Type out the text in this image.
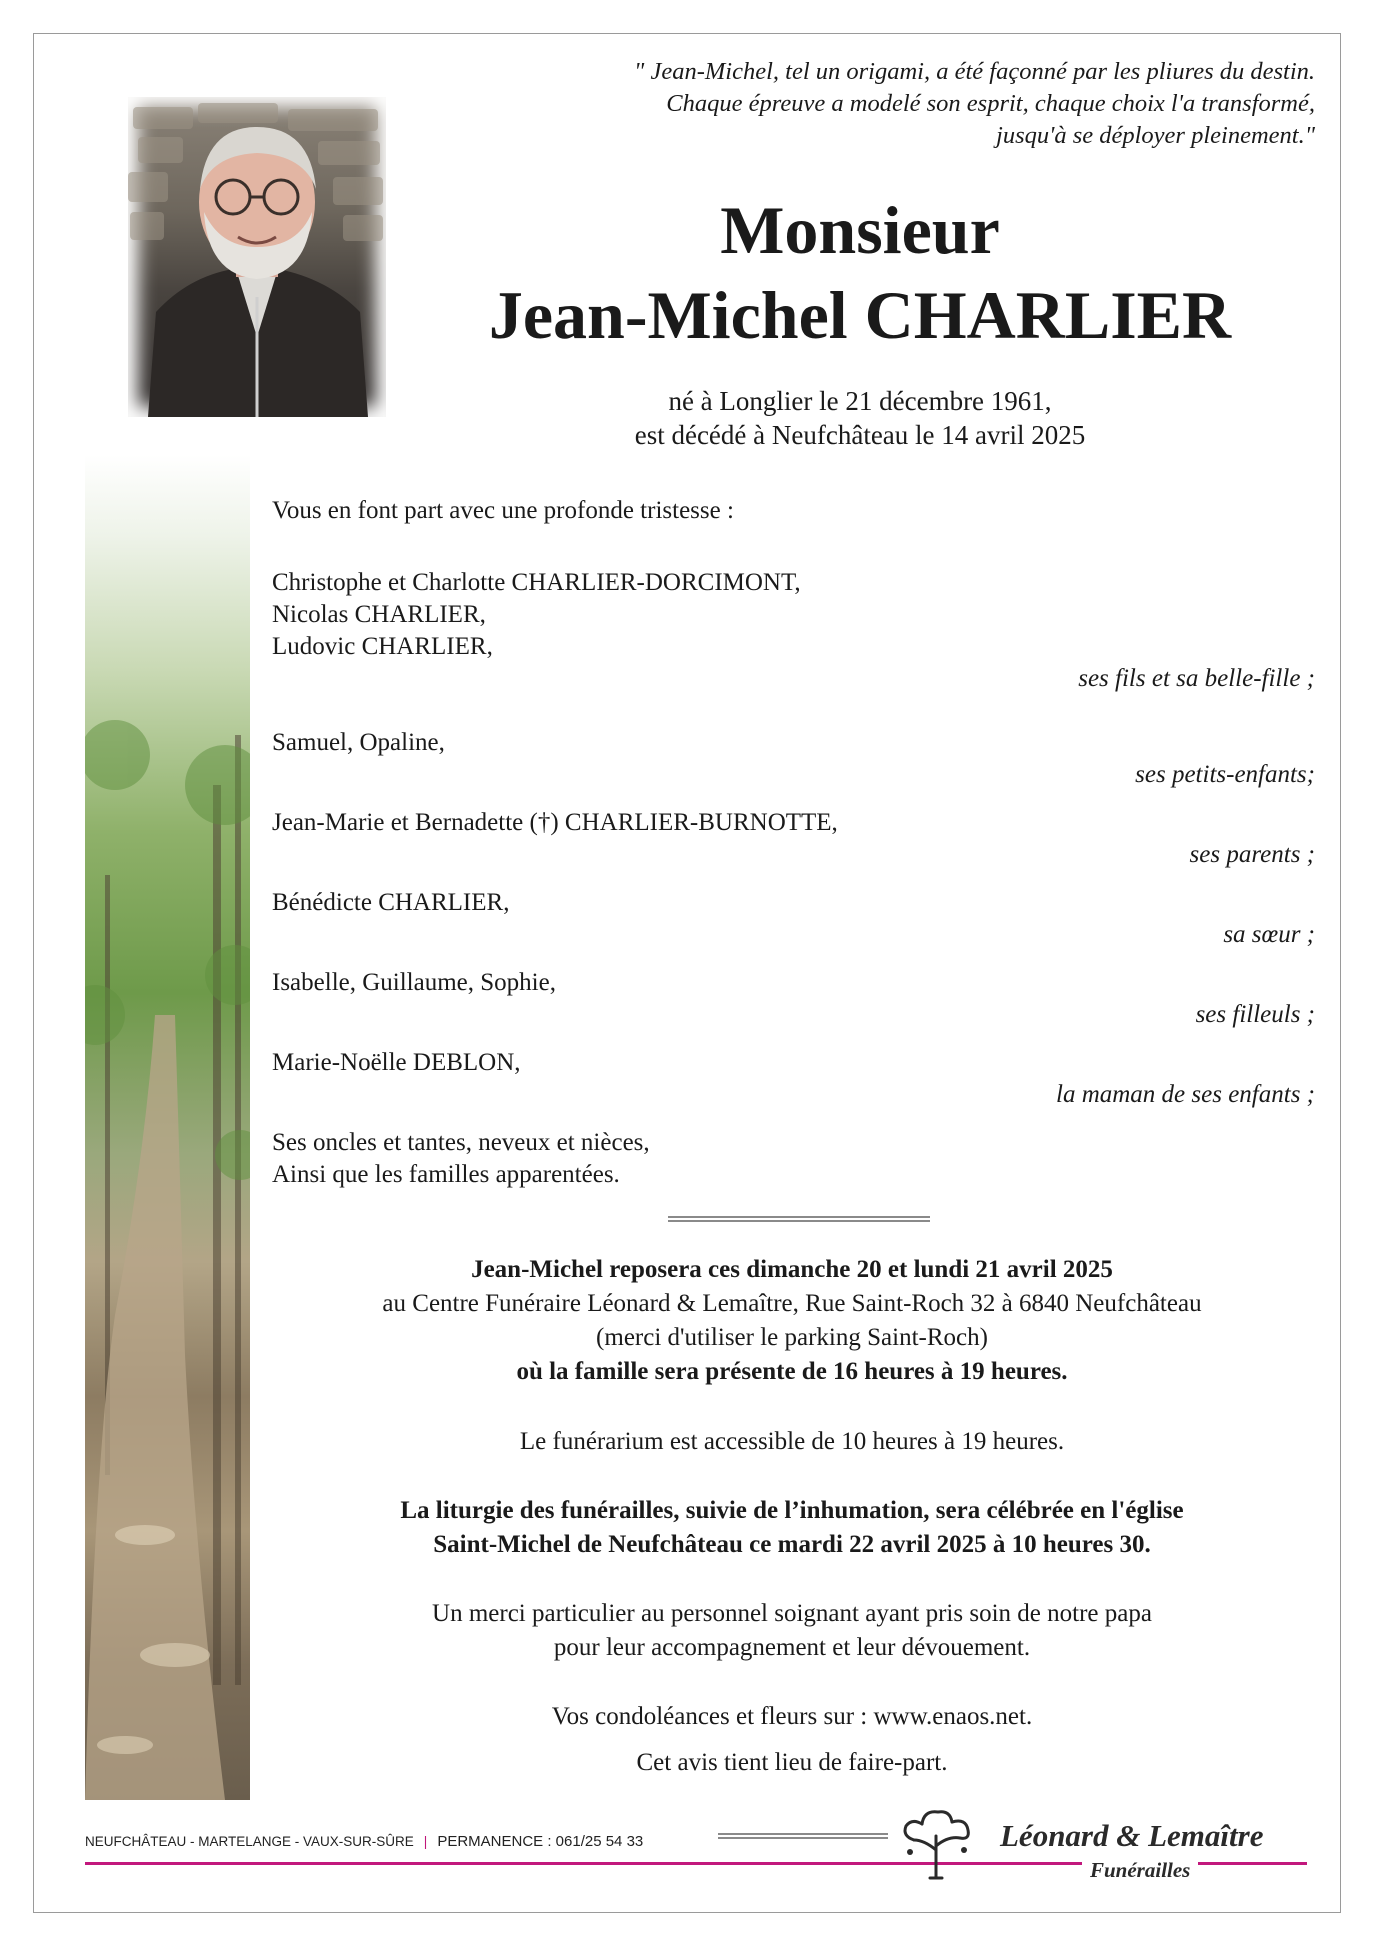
" Jean-Michel, tel un origami, a été façonné par les pliures du destin.
Chaque épreuve a modelé son esprit, chaque choix l'a transformé,
jusqu'à se déployer pleinement."
Monsieur
Jean-Michel CHARLIER
né à Longlier le 21 décembre 1961,
est décédé à Neufchâteau le 14 avril 2025
Vous en font part avec une profonde tristesse :
Christophe et Charlotte CHARLIER-DORCIMONT,
Nicolas CHARLIER,
Ludovic CHARLIER,
ses fils et sa belle-fille ;
Samuel, Opaline,
ses petits-enfants;
Jean-Marie et Bernadette (†) CHARLIER-BURNOTTE,
ses parents ;
Bénédicte CHARLIER,
sa sœur ;
Isabelle, Guillaume, Sophie,
ses filleuls ;
Marie-Noëlle DEBLON,
la maman de ses enfants ;
Ses oncles et tantes, neveux et nièces,
Ainsi que les familles apparentées.
Jean-Michel reposera ces dimanche 20 et lundi 21 avril 2025
au Centre Funéraire Léonard & Lemaître, Rue Saint-Roch 32 à 6840 Neufchâteau
(merci d'utiliser le parking Saint-Roch)
où la famille sera présente de 16 heures à 19 heures.
Le funérarium est accessible de 10 heures à 19 heures.
La liturgie des funérailles, suivie de l’inhumation, sera célébrée en l'église
Saint-Michel de Neufchâteau ce mardi 22 avril 2025 à 10 heures 30.
Un merci particulier au personnel soignant ayant pris soin de notre papa
pour leur accompagnement et leur dévouement.
Vos condoléances et fleurs sur : www.enaos.net.
Cet avis tient lieu de faire-part.
NEUFCHÂTEAU - MARTELANGE - VAUX-SUR-SÛRE | PERMANENCE : 061/25 54 33	Léonard & Lemaître
Funérailles
